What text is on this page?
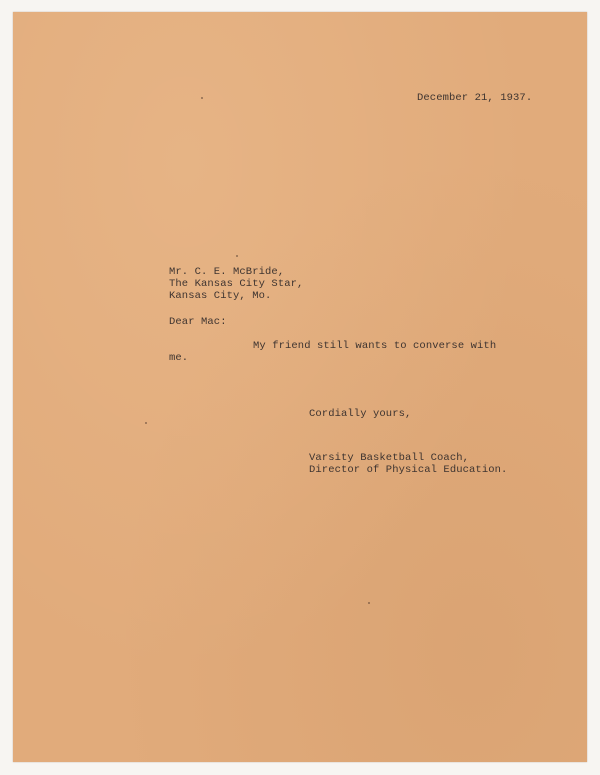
December 21, 1937.

Mr. C. E. McBride,

The Kansas City Star,

Kansas City, Mo.

Dear Mac:

My friend still wants to converse with

me.

Cordially yours,

Varsity Basketball Coach,

Director of Physical Education.
